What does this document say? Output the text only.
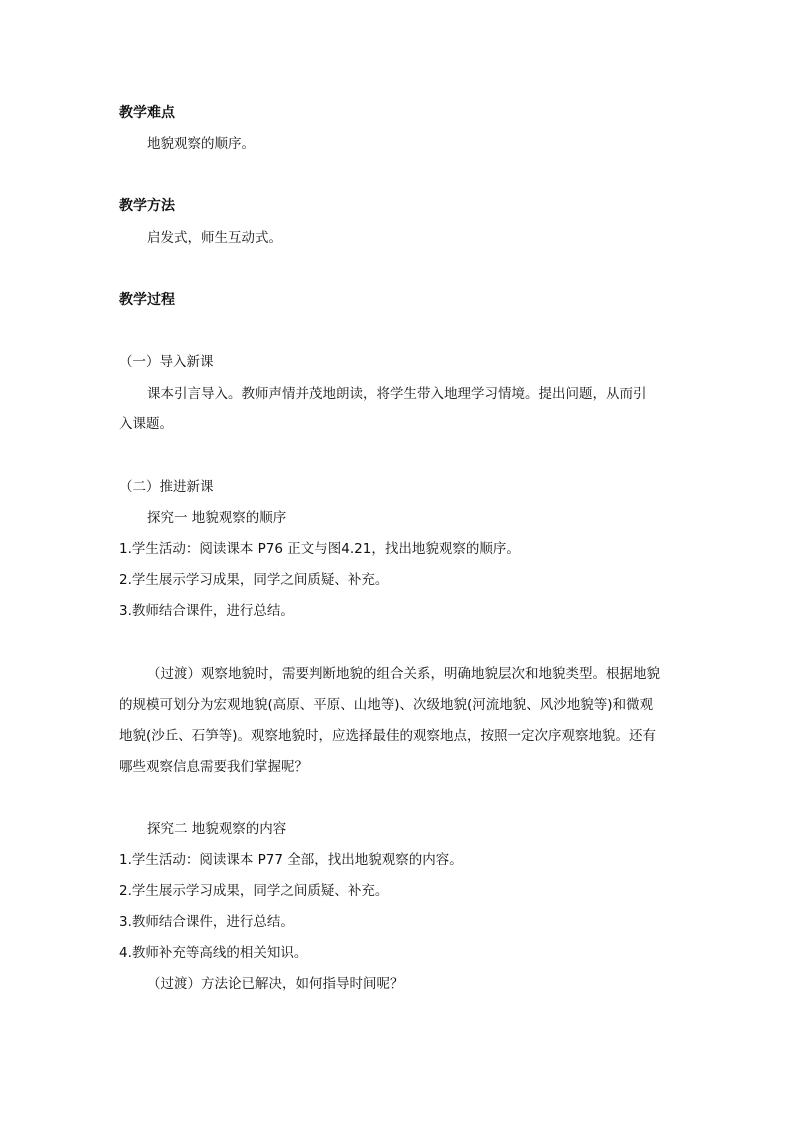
教学难点
地貌观察的顺序。
教学方法
启发式，师生互动式。
教学过程
（一）导入新课
课本引言导入。教师声情并茂地朗读，将学生带入地理学习情境。提出问题，从而引
入课题。
（二）推进新课
探究一 地貌观察的顺序
1.学生活动：阅读课本 P76 正文与图4.21，找出地貌观察的顺序。
2.学生展示学习成果，同学之间质疑、补充。
3.教师结合课件，进行总结。
（过渡）观察地貌时，需要判断地貌的组合关系，明确地貌层次和地貌类型。根据地貌
的规模可划分为宏观地貌(高原、平原、山地等)、次级地貌(河流地貌、风沙地貌等)和微观
地貌(沙丘、石笋等)。观察地貌时，应选择最佳的观察地点，按照一定次序观察地貌。还有
哪些观察信息需要我们掌握呢？
探究二 地貌观察的内容
1.学生活动：阅读课本 P77 全部，找出地貌观察的内容。
2.学生展示学习成果，同学之间质疑、补充。
3.教师结合课件，进行总结。
4.教师补充等高线的相关知识。
（过渡）方法论已解决，如何指导时间呢？
